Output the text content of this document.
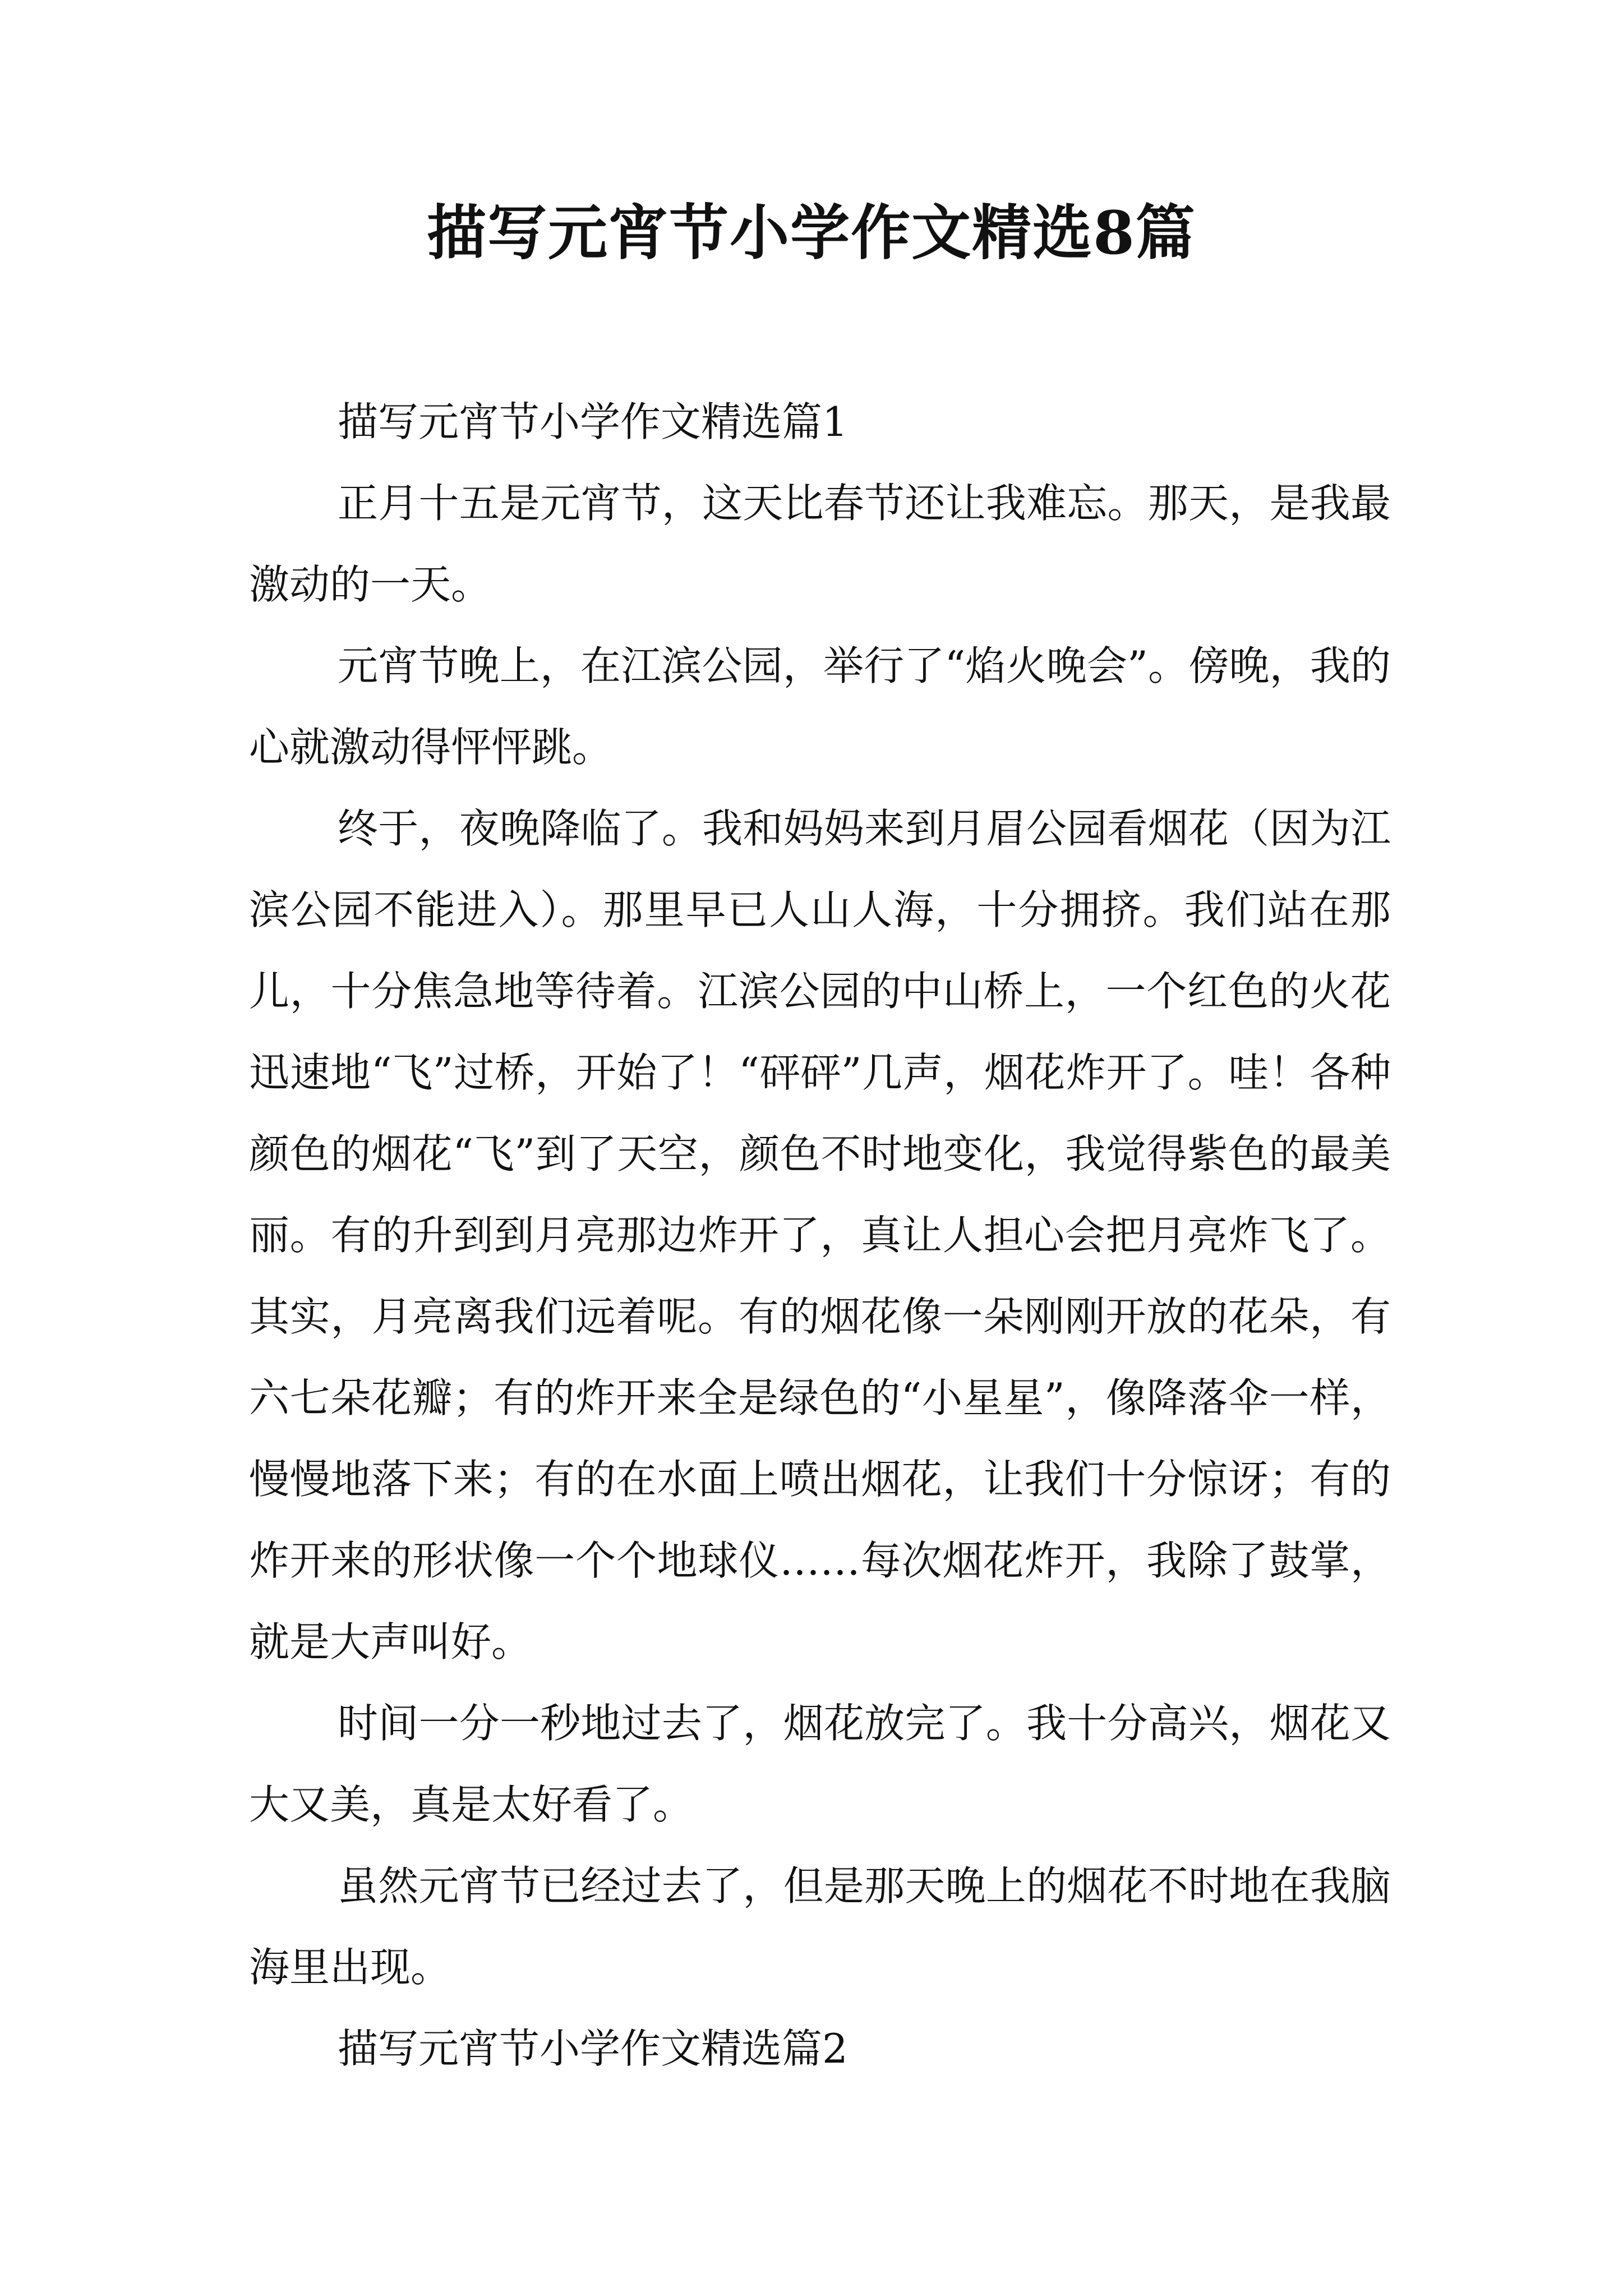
描写元宵节小学作文精选8篇

描写元宵节小学作文精选篇1

正月十五是元宵节，这天比春节还让我难忘。那天，是我最激动的一天。

元宵节晚上，在江滨公园，举行了“焰火晚会”。傍晚，我的心就激动得怦怦跳。

终于，夜晚降临了。我和妈妈来到月眉公园看烟花（因为江滨公园不能进入）。那里早已人山人海，十分拥挤。我们站在那儿，十分焦急地等待着。江滨公园的中山桥上，一个红色的火花迅速地“飞”过桥，开始了！“砰砰”几声，烟花炸开了。哇！各种颜色的烟花“飞”到了天空，颜色不时地变化，我觉得紫色的最美丽。有的升到到月亮那边炸开了，真让人担心会把月亮炸飞了。其实，月亮离我们远着呢。有的烟花像一朵刚刚开放的花朵，有六七朵花瓣；有的炸开来全是绿色的“小星星”，像降落伞一样，慢慢地落下来；有的在水面上喷出烟花，让我们十分惊讶；有的炸开来的形状像一个个地球仪……每次烟花炸开，我除了鼓掌，就是大声叫好。

时间一分一秒地过去了，烟花放完了。我十分高兴，烟花又大又美，真是太好看了。

虽然元宵节已经过去了，但是那天晚上的烟花不时地在我脑海里出现。

描写元宵节小学作文精选篇2
